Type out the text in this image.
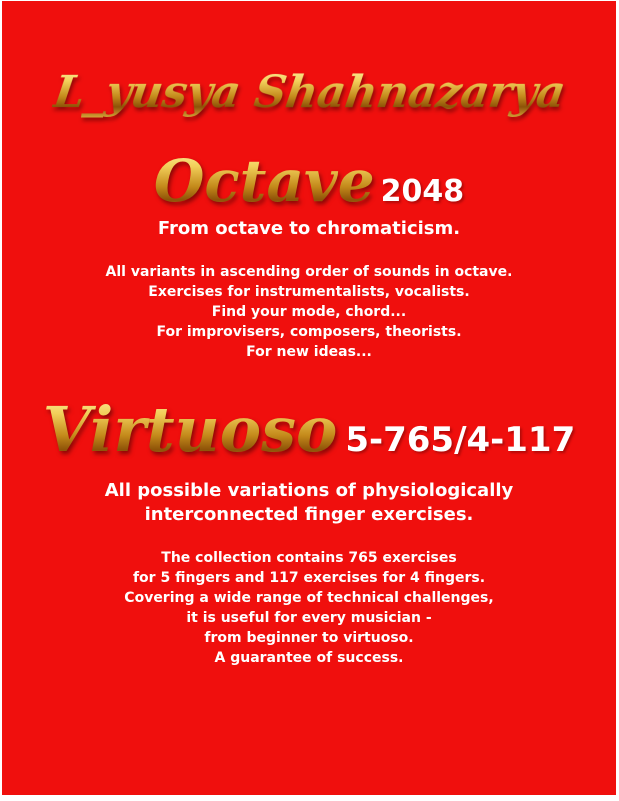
L_yusya Shahnazaryan
Octave 2048
From octave to chromaticism.
All variants in ascending order of sounds in octave.
Exercises for instrumentalists, vocalists.
Find your mode, chord...
For improvisers, composers, theorists.
For new ideas...
Virtuoso 5-765/4-117
All possible variations of physiologically
interconnected finger exercises.
The collection contains 765 exercises
for 5 fingers and 117 exercises for 4 fingers.
Covering a wide range of technical challenges,
it is useful for every musician -
from beginner to virtuoso.
A guarantee of success.
